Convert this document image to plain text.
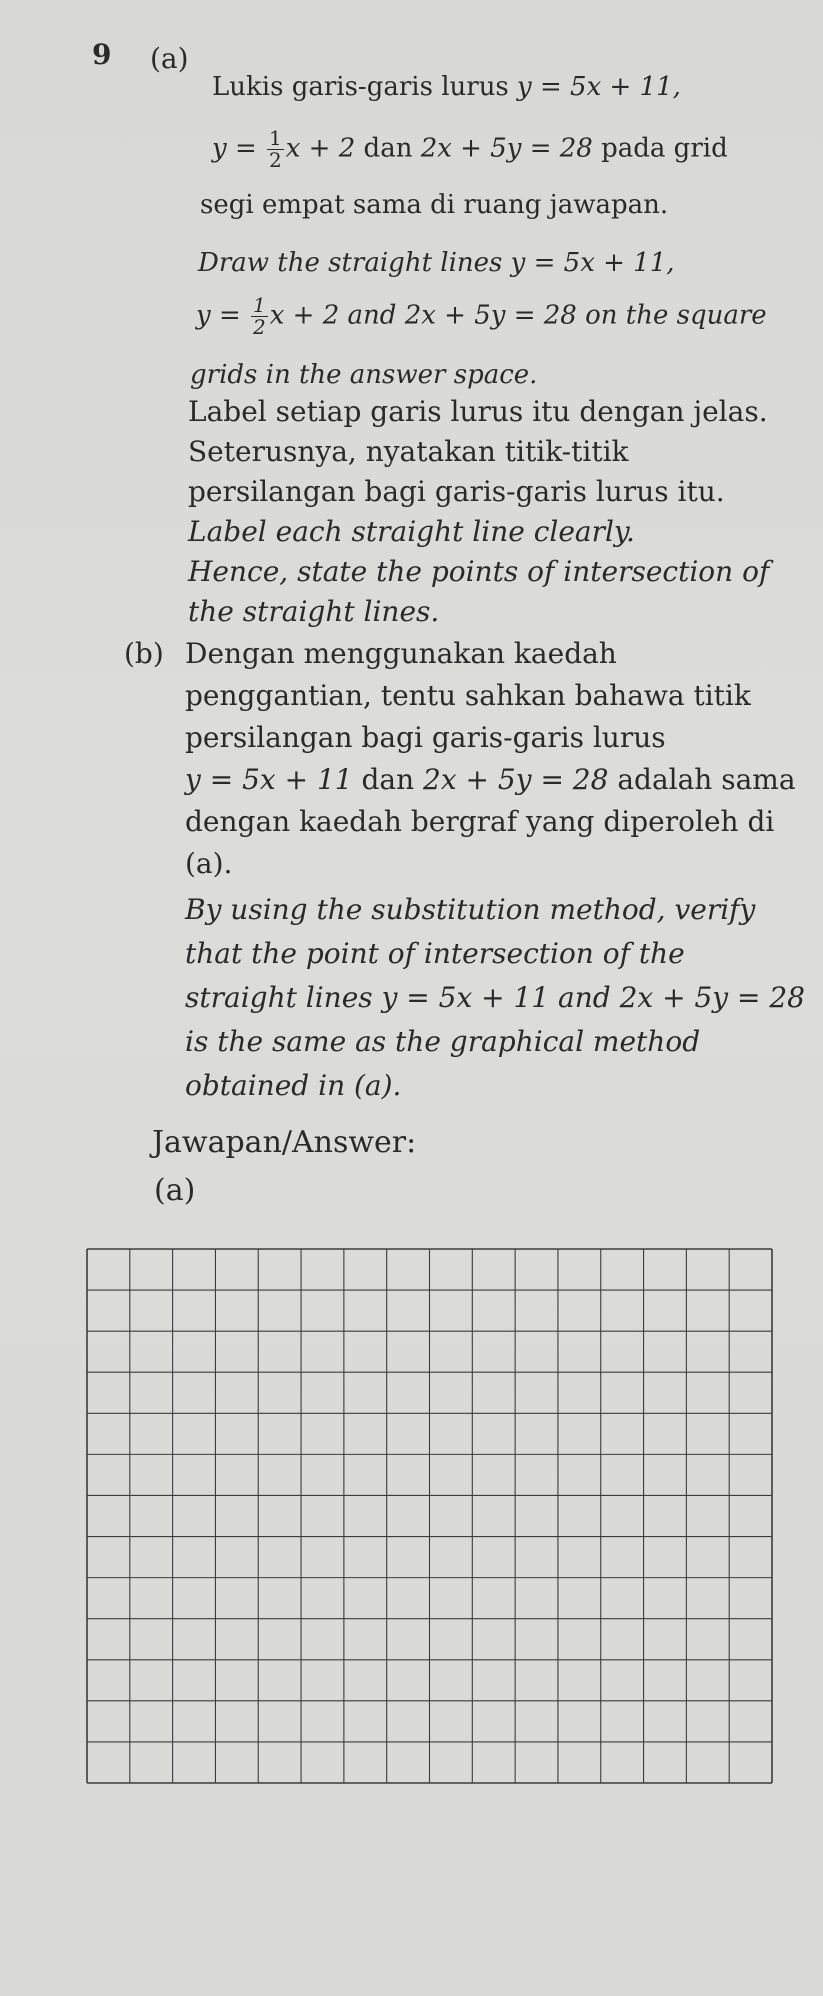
9 (a)
Lukis garis-garis lurus y = 5x + 11,
$y = \frac{1}{2}$ x + 2 dan 2x + 5y = 28 pada grid
segi empat sama di ruang jawapan.
Draw the straight lines y = 5x + 11,
$y = \frac{1}{2}$ x + 2 and 2x + 5y = 28 on the square
grids in the answer space.
Label setiap garis lurus itu dengan jelas.
Seterusnya, nyatakan titik-titik
persilangan bagi garis-garis lurus itu.
Label each straight line clearly.
Hence, state the points of intersection of
the straight lines.
(b) Dengan menggunakan kaedah
penggantian, tentu sahkan bahawa titik
persilangan bagi garis-garis lurus
y = 5x + 11 dan 2x + 5y = 28 adalah sama
dengan kaedah bergraf yang diperoleh di
(a).
By using the substitution method, verify
that the point of intersection of the
straight lines y = 5x + 11 and 2x + 5y = 28
is the same as the graphical method
obtained in (a).
Jawapan/Answer:
(a)
